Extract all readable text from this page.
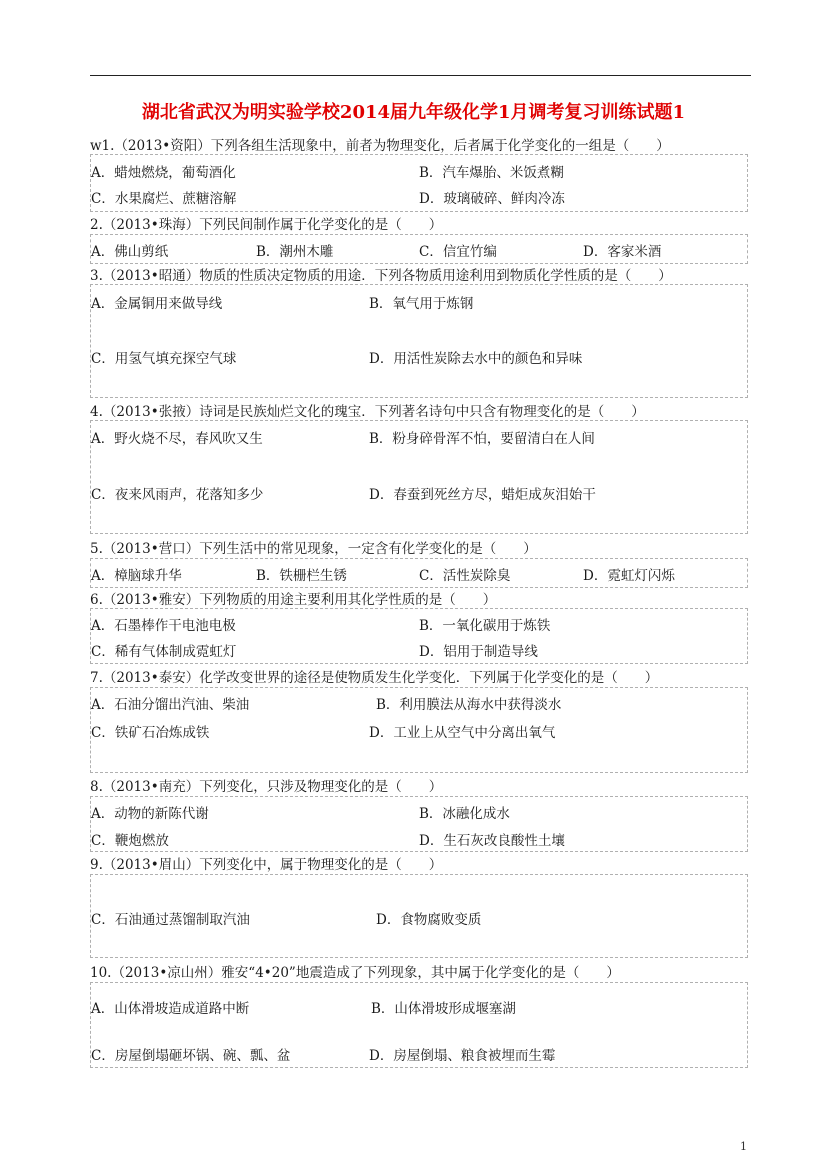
湖北省武汉为明实验学校2014届九年级化学1月调考复习训练试题1
w1.（2013•资阳）下列各组生活现象中，前者为物理变化，后者属于化学变化的一组是（　　）
A．蜡烛燃烧，葡萄酒化	B．汽车爆胎、米饭煮糊
C．水果腐烂、蔗糖溶解	D．玻璃破碎、鲜肉冷冻
2.（2013•珠海）下列民间制作属于化学变化的是（　　）
A．佛山剪纸	B．潮州木雕	C．信宜竹编	D．客家米酒
3.（2013•昭通）物质的性质决定物质的用途．下列各物质用途利用到物质化学性质的是（　　）
A．金属铜用来做导线	B．氧气用于炼钢
C．用氢气填充探空气球	D．用活性炭除去水中的颜色和异味
4.（2013•张掖）诗词是民族灿烂文化的瑰宝．下列著名诗句中只含有物理变化的是（　　）
A．野火烧不尽，春风吹又生	B．粉身碎骨浑不怕，要留清白在人间
C．夜来风雨声，花落知多少	D．春蚕到死丝方尽，蜡炬成灰泪始干
5.（2013•营口）下列生活中的常见现象，一定含有化学变化的是（　　）
A．樟脑球升华	B．铁栅栏生锈	C．活性炭除臭	D．霓虹灯闪烁
6.（2013•雅安）下列物质的用途主要利用其化学性质的是（　　）
A．石墨棒作干电池电极	B．一氧化碳用于炼铁
C．稀有气体制成霓虹灯	D．铝用于制造导线
7.（2013•泰安）化学改变世界的途径是使物质发生化学变化．下列属于化学变化的是（　　）
A．石油分馏出汽油、柴油	B．利用膜法从海水中获得淡水
C．铁矿石冶炼成铁	D．工业上从空气中分离出氧气
8.（2013•南充）下列变化，只涉及物理变化的是（　　）
A．动物的新陈代谢	B．冰融化成水
C．鞭炮燃放	D．生石灰改良酸性土壤
9.（2013•眉山）下列变化中，属于物理变化的是（　　）
C．石油通过蒸馏制取汽油	D．食物腐败变质
10.（2013•凉山州）雅安“4•20”地震造成了下列现象，其中属于化学变化的是（　　）
A．山体滑坡造成道路中断	B．山体滑坡形成堰塞湖
C．房屋倒塌砸坏锅、碗、瓢、盆	D．房屋倒塌、粮食被埋而生霉
1
